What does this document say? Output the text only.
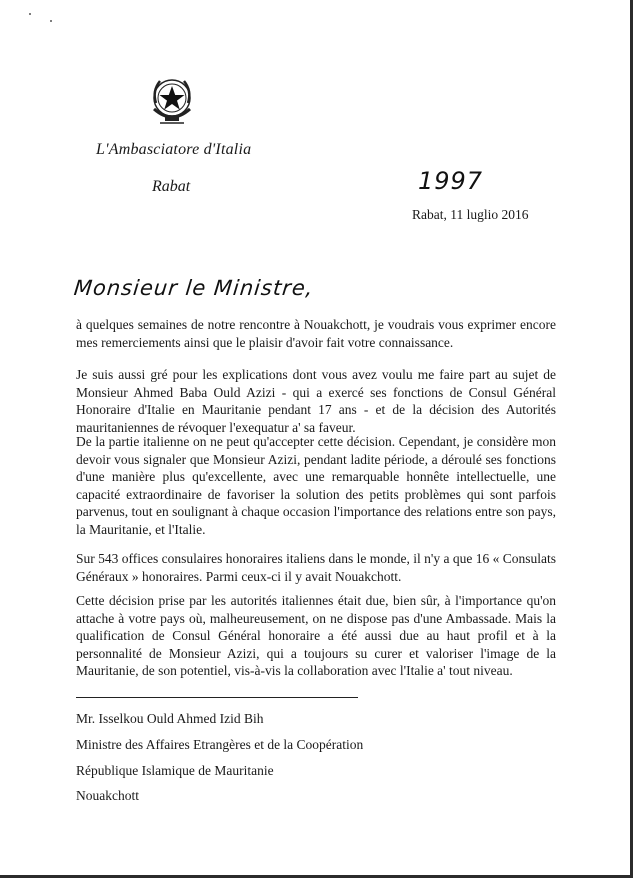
L'Ambasciatore d'Italia
Rabat	1997
Rabat, 11 luglio 2016
Monsieur le Ministre,

à quelques semaines de notre rencontre à Nouakchott, je voudrais vous exprimer encore mes remerciements ainsi que le plaisir d'avoir fait votre connaissance.

Je suis aussi gré pour les explications dont vous avez voulu me faire part au sujet de Monsieur Ahmed Baba Ould Azizi - qui a exercé ses fonctions de Consul Général Honoraire d'Italie en Mauritanie pendant 17 ans - et de la décision des Autorités mauritaniennes de révoquer l'exequatur a' sa faveur.

De la partie italienne on ne peut qu'accepter cette décision. Cependant, je considère mon devoir vous signaler que Monsieur Azizi, pendant ladite période, a déroulé ses fonctions d'une manière plus qu'excellente, avec une remarquable honnête intellectuelle, une capacité extraordinaire de favoriser la solution des petits problèmes qui sont parfois parvenus, tout en soulignant à chaque occasion l'importance des relations entre son pays, la Mauritanie, et l'Italie.

Sur 543 offices consulaires honoraires italiens dans le monde, il n'y a que 16 « Consulats Généraux » honoraires. Parmi ceux-ci il y avait Nouakchott.

Cette décision prise par les autorités italiennes était due, bien sûr, à l'importance qu'on attache à votre pays où, malheureusement, on ne dispose pas d'une Ambassade. Mais la qualification de Consul Général honoraire a été aussi due au haut profil et à la personnalité de Monsieur Azizi, qui a toujours su curer et valoriser l'image de la Mauritanie, de son potentiel, vis-à-vis la collaboration avec l'Italie a' tout niveau.

Mr. Isselkou Ould Ahmed Izid Bih
Ministre des Affaires Etrangères et de la Coopération
République Islamique de Mauritanie
Nouakchott
